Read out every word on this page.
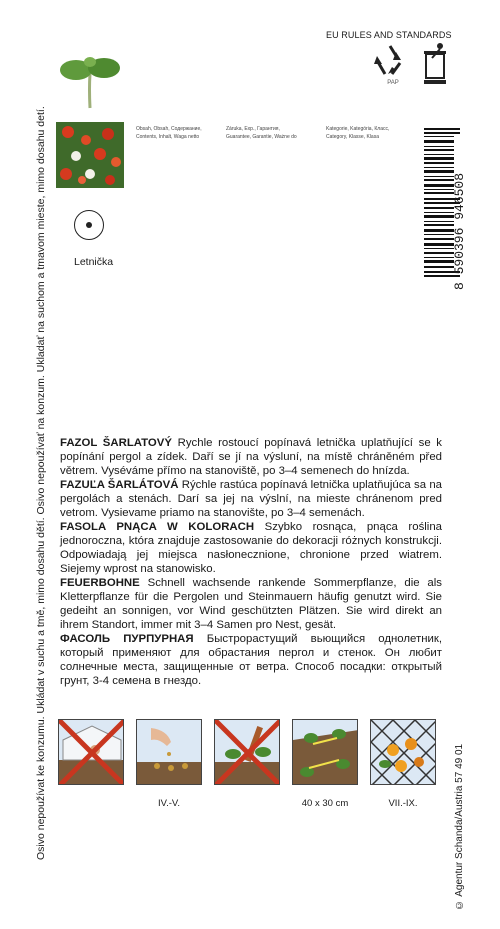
Osivo nepoužívat ke konzumu. Ukládat v suchu a tmě, mimo dosahu dětí. Osivo nepoužívať na konzum. Ukladať na suchom a tmavom mieste, mimo dosahu detí.	© Agentur Schanda/Austria 57 49 01
EU RULES AND STANDARDS
PAP
Obsah, Obsah, Содержание,
Contents, Inhalt, Waga netto
Záruka, Exp., Гарантия,
Guarantee, Garantie, Ważne do
Kategorie, Kategória, Класс,
Category, Klasse, Klasa
8 590396 946508
Letnička
FAZOL ŠARLATOVÝ Rychle rostoucí popínavá letnička uplatňující se k popínání pergol a zídek. Daří se jí na výsluní, na místě chráněném před větrem. Vyséváme přímo na stanoviště, po 3–4 semenech do hnízda.
FAZUĽA ŠARLÁTOVÁ Rýchle rastúca popínavá letnička uplatňujúca sa na pergolách a stenách. Darí sa jej na výslní, na mieste chránenom pred vetrom. Vysievame priamo na stanovište, po 3–4 semenách.
FASOLA PNĄCA W KOLORACH Szybko rosnąca, pnąca roślina jednoroczna, która znajduje zastosowanie do dekoracji różnych konstrukcji. Odpowiadają jej miejsca nasłonecznione, chronione przed wiatrem. Siejemy wprost na stanowisko.
FEUERBOHNE Schnell wachsende rankende Sommerpflanze, die als Kletterpflanze für die Pergolen und Steinmauern häufig genutzt wird. Sie gedeiht an sonnigen, vor Wind geschützten Plätzen. Sie wird direkt an ihrem Standort, immer mit 3–4 Samen pro Nest, gesät.
ФАСОЛЬ ПУРПУРНАЯ Быстрорастущий вьющийся однолетник, который применяют для обрастания пергол и стенок. Он любит солнечные места, защищенные от ветра. Способ посадки: открытый грунт, 3-4 семена в гнездо.
IV.-V.	40 x 30 cm	VII.-IX.
